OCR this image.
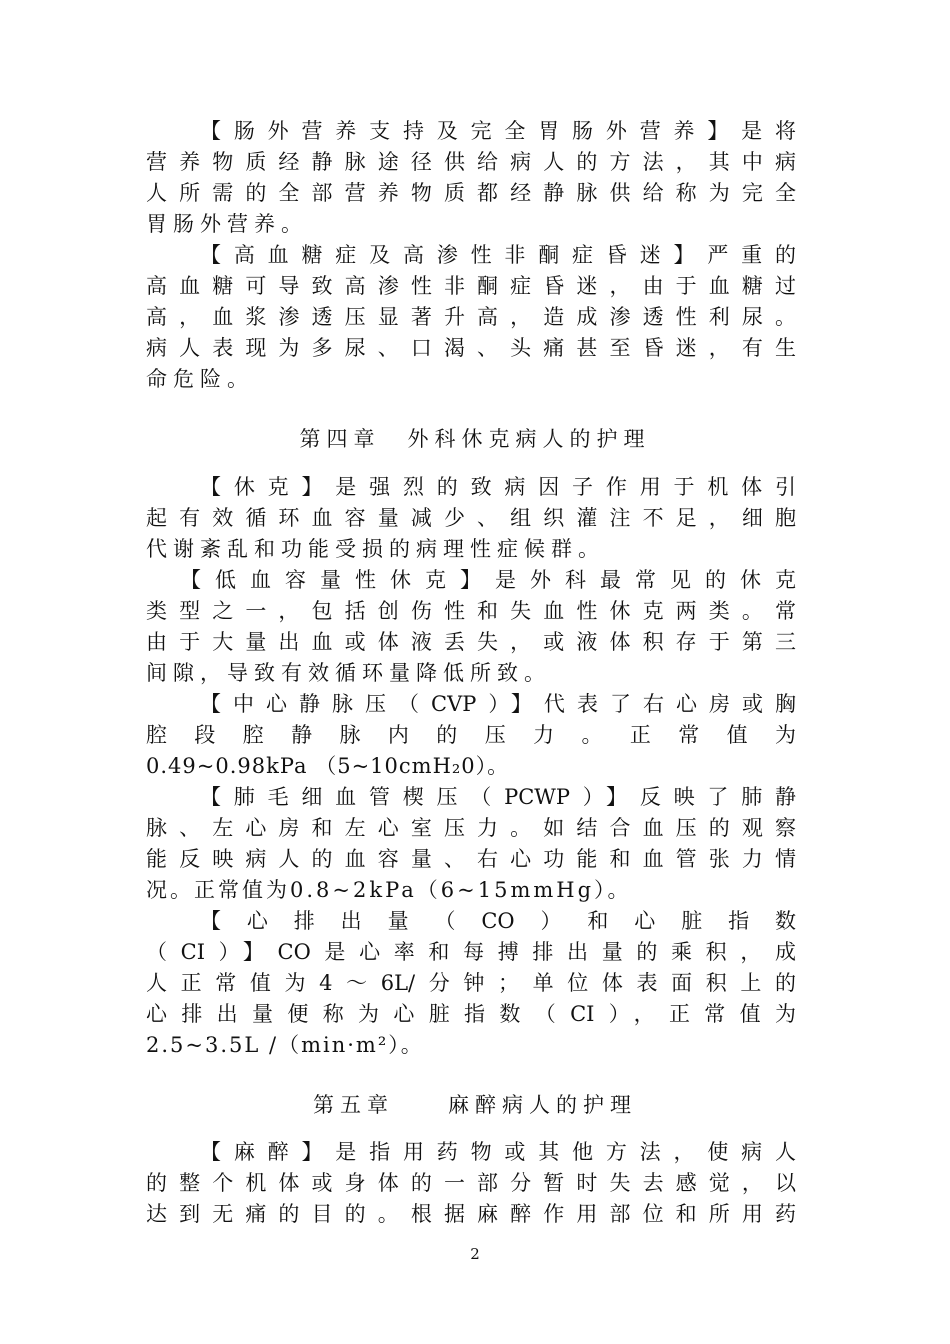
【肠外营养支持及完全胃肠外营养】是将

营养物质经静脉途径供给病人的方法，其中病

人所需的全部营养物质都经静脉供给称为完全

胃肠外营养。

【高血糖症及高渗性非酮症昏迷】严重的

高血糖可导致高渗性非酮症昏迷，由于血糖过

高，血浆渗透压显著升高，造成渗透性利尿。

病人表现为多尿、口渴、头痛甚至昏迷，有生

命危险。

第四章　外科休克病人的护理

【休克】是强烈的致病因子作用于机体引

起有效循环血容量减少、组织灌注不足，细胞

代谢紊乱和功能受损的病理性症候群。

【低血容量性休克】是外科最常见的休克

类型之一，包括创伤性和失血性休克两类。常

由于大量出血或体液丢失，或液体积存于第三

间隙，导致有效循环量降低所致。

【中心静脉压（CVP）】代表了右心房或胸

腔段腔静脉内的压力。正常值为

0.49~0.98kPa （5~10cmH₂0）。

【肺毛细血管楔压（PCWP）】反映了肺静

脉、左心房和左心室压力。如结合血压的观察

能反映病人的血容量、右心功能和血管张力情

况。正常值为0.8~2kPa（6~15mmHg）。

【心排出量（CO）和心脏指数

（CI）】CO是心率和每搏排出量的乘积，成

人正常值为4～6L/分钟；单位体表面积上的

心排出量便称为心脏指数（CI），正常值为

2.5~3.5L /（min·m²）。

第五章　　麻醉病人的护理

【麻醉】是指用药物或其他方法，使病人

的整个机体或身体的一部分暂时失去感觉，以

达到无痛的目的。根据麻醉作用部位和所用药

2
